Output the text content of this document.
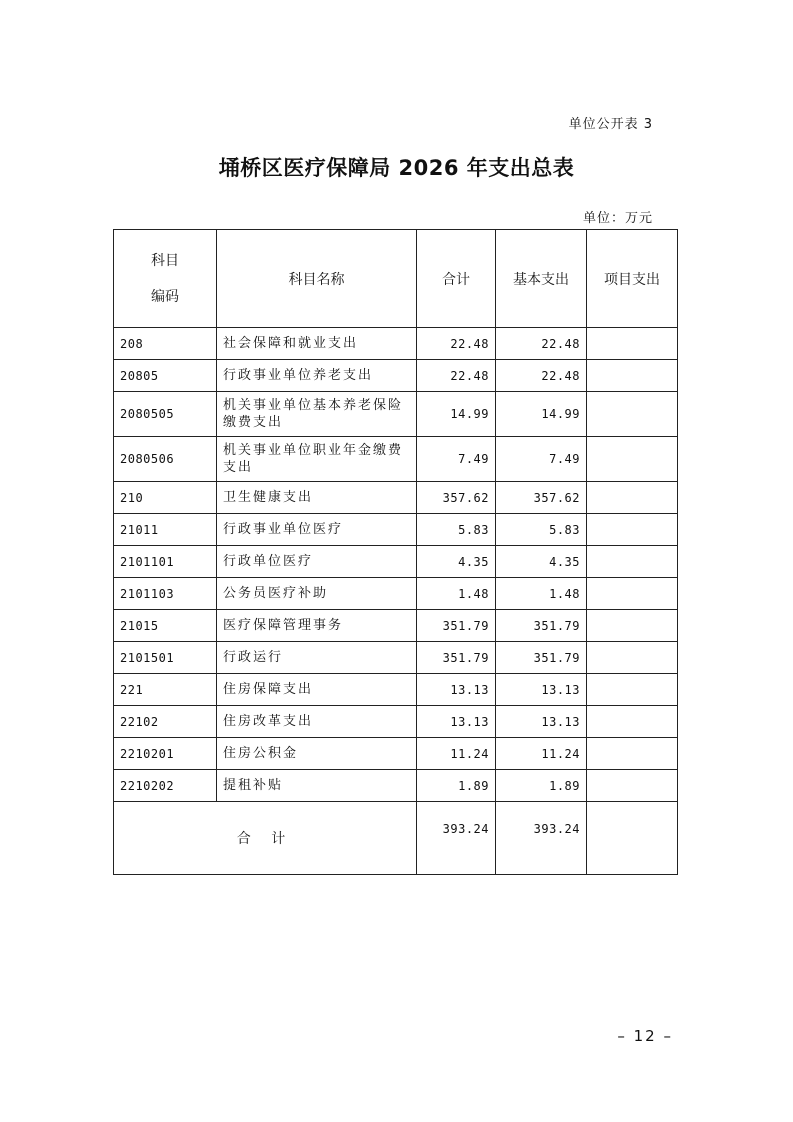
单位公开表 3
埇桥区医疗保障局 2026 年支出总表
单位：万元
科目
编码	科目名称	合计	基本支出	项目支出
208	社会保障和就业支出	22.48	22.48	
20805	行政事业单位养老支出	22.48	22.48	
2080505	机关事业单位基本养老保险缴费支出	14.99	14.99	
2080506	机关事业单位职业年金缴费支出	7.49	7.49	
210	卫生健康支出	357.62	357.62	
21011	行政事业单位医疗	5.83	5.83	
2101101	行政单位医疗	4.35	4.35	
2101103	公务员医疗补助	1.48	1.48	
21015	医疗保障管理事务	351.79	351.79	
2101501	行政运行	351.79	351.79	
221	住房保障支出	13.13	13.13	
22102	住房改革支出	13.13	13.13	
2210201	住房公积金	11.24	11.24	
2210202	提租补贴	1.89	1.89	
合 计		393.24	393.24	
– 12 –
